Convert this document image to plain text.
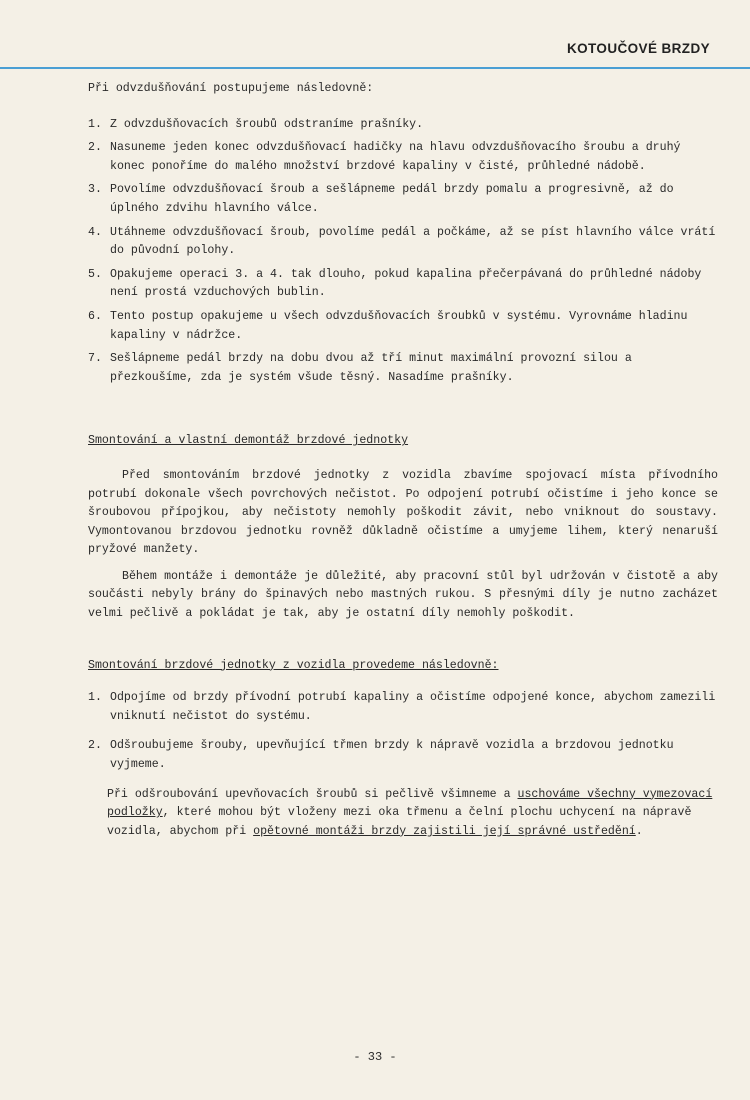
KOTOUČOVÉ BRZDY

Při odvzdušňování postupujeme následovně:

1. Z odvzdušňovacích šroubů odstraníme prašníky.
2. Nasuneme jeden konec odvzdušňovací hadičky na hlavu odvzdušňovacího šroubu a druhý konec ponoříme do malého množství brzdové kapaliny v čisté, průhledné nádobě.
3. Povolíme odvzdušňovací šroub a sešlápneme pedál brzdy pomalu a progresivně, až do úplného zdvihu hlavního válce.
4. Utáhneme odvzdušňovací šroub, povolíme pedál a počkáme, až se píst hlavního válce vrátí do původní polohy.
5. Opakujeme operaci 3. a 4. tak dlouho, pokud kapalina přečerpávaná do průhledné nádoby není prostá vzduchových bublin.
6. Tento postup opakujeme u všech odvzdušňovacích šroubků v systému. Vyrovnáme hladinu kapaliny v nádržce.
7. Sešlápneme pedál brzdy na dobu dvou až tří minut maximální provozní silou a přezkoušíme, zda je systém všude těsný. Nasadíme prašníky.
Smontování a vlastní demontáž brzdové jednotky

Před smontováním brzdové jednotky z vozidla zbavíme spojovací místa přívodního potrubí dokonale všech povrchových nečistot. Po odpojení potrubí očistíme i jeho konce se šroubovou přípojkou, aby nečistoty nemohly poškodit závit, nebo vniknout do soustavy. Vymontovanou brzdovou jednotku rovněž důkladně očistíme a umyjeme lihem, který nenaruší pryžové manžety.

Během montáže i demontáže je důležité, aby pracovní stůl byl udržován v čistotě a aby součásti nebyly brány do špinavých nebo mastných rukou. S přesnými díly je nutno zacházet velmi pečlivě a pokládat je tak, aby je ostatní díly nemohly poškodit.

Smontování brzdové jednotky z vozidla provedeme následovně:
1. Odpojíme od brzdy přívodní potrubí kapaliny a očistíme odpojené konce, abychom zamezili vniknutí nečistot do systému.
2. Odšroubujeme šrouby, upevňující třmen brzdy k nápravě vozidla a brzdovou jednotku vyjmeme.

Při odšroubování upevňovacích šroubů si pečlivě všimneme a uschováme všechny vymezovací podložky, které mohou být vloženy mezi oka třmenu a čelní plochu uchycení na nápravě vozidla, abychom při opětovné montáži brzdy zajistili její správné ustředění.

- 33 -
